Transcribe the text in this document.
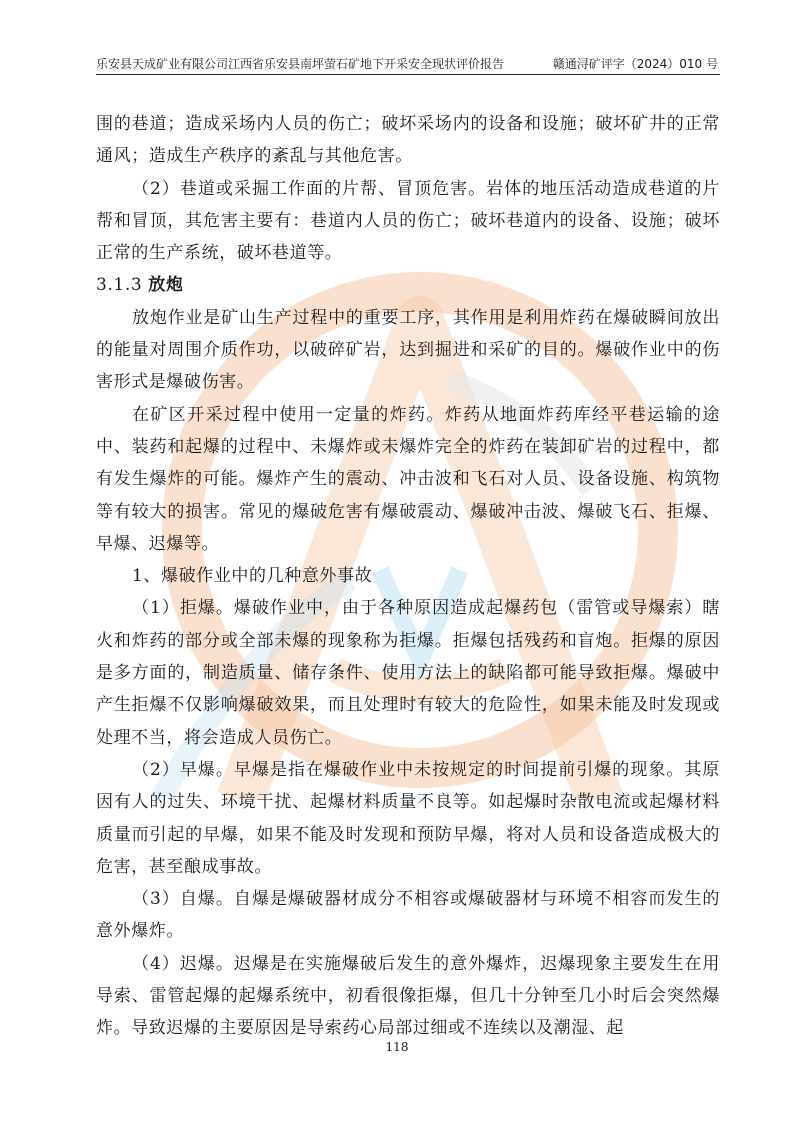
乐安县天成矿业有限公司江西省乐安县南坪萤石矿地下开采安全现状评价报告	赣通浔矿评字（2024）010 号

围的巷道；造成采场内人员的伤亡；破坏采场内的设备和设施；破坏矿井的正常通风；造成生产秩序的紊乱与其他危害。

（2）巷道或采掘工作面的片帮、冒顶危害。岩体的地压活动造成巷道的片帮和冒顶，其危害主要有：巷道内人员的伤亡；破坏巷道内的设备、设施；破坏正常的生产系统，破坏巷道等。

3.1.3 放炮

放炮作业是矿山生产过程中的重要工序，其作用是利用炸药在爆破瞬间放出的能量对周围介质作功，以破碎矿岩，达到掘进和采矿的目的。爆破作业中的伤害形式是爆破伤害。

在矿区开采过程中使用一定量的炸药。炸药从地面炸药库经平巷运输的途中、装药和起爆的过程中、未爆炸或未爆炸完全的炸药在装卸矿岩的过程中，都有发生爆炸的可能。爆炸产生的震动、冲击波和飞石对人员、设备设施、构筑物等有较大的损害。常见的爆破危害有爆破震动、爆破冲击波、爆破飞石、拒爆、早爆、迟爆等。

1、爆破作业中的几种意外事故

（1）拒爆。爆破作业中，由于各种原因造成起爆药包（雷管或导爆索）瞎火和炸药的部分或全部未爆的现象称为拒爆。拒爆包括残药和盲炮。拒爆的原因是多方面的，制造质量、储存条件、使用方法上的缺陷都可能导致拒爆。爆破中产生拒爆不仅影响爆破效果，而且处理时有较大的危险性，如果未能及时发现或处理不当，将会造成人员伤亡。

（2）早爆。早爆是指在爆破作业中未按规定的时间提前引爆的现象。其原因有人的过失、环境干扰、起爆材料质量不良等。如起爆时杂散电流或起爆材料质量而引起的早爆，如果不能及时发现和预防早爆，将对人员和设备造成极大的危害，甚至酿成事故。

（3）自爆。自爆是爆破器材成分不相容或爆破器材与环境不相容而发生的意外爆炸。

（4）迟爆。迟爆是在实施爆破后发生的意外爆炸，迟爆现象主要发生在用导索、雷管起爆的起爆系统中，初看很像拒爆，但几十分钟至几小时后会突然爆炸。导致迟爆的主要原因是导索药心局部过细或不连续以及潮湿、起

118
